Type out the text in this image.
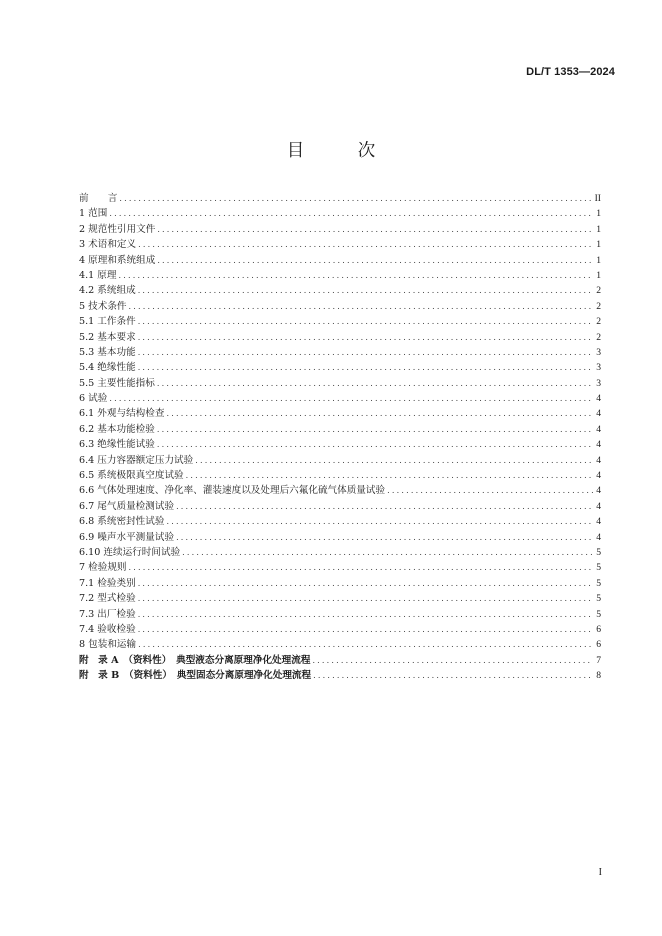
DL/T 1353—2024
目　次
前　　言 .....	II
1 范围 .....	1
2 规范性引用文件 .....	1
3 术语和定义 .....	1
4 原理和系统组成 .....	1
4.1 原理 .....	1
4.2 系统组成 .....	2
5 技术条件 .....	2
5.1 工作条件 .....	2
5.2 基本要求 .....	2
5.3 基本功能 .....	3
5.4 绝缘性能 .....	3
5.5 主要性能指标 .....	3
6 试验 .....	4
6.1 外观与结构检查 .....	4
6.2 基本功能检验 .....	4
6.3 绝缘性能试验 .....	4
6.4 压力容器额定压力试验 .....	4
6.5 系统极限真空度试验 .....	4
6.6 气体处理速度、净化率、灌装速度以及处理后六氟化硫气体质量试验 .....	4
6.7 尾气质量检测试验 .....	4
6.8 系统密封性试验 .....	4
6.9 噪声水平测量试验 .....	4
6.10 连续运行时间试验 .....	5
7 检验规则 .....	5
7.1 检验类别 .....	5
7.2 型式检验 .....	5
7.3 出厂检验 .....	5
7.4 验收检验 .....	6
8 包装和运输 .....	6
附　录 A　（资料性）　典型液态分离原理净化处理流程 .....	7
附　录 B　（资料性）　典型固态分离原理净化处理流程 .....	8
I
